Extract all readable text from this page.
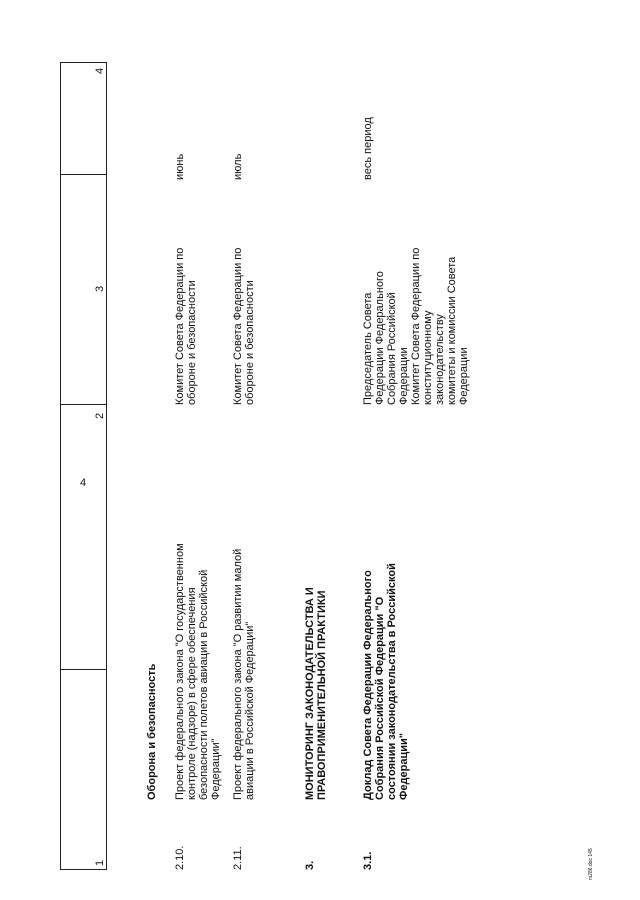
4
1
2
3
4
Оборона и безопасность
2.10.
Проект федерального закона "О государственном контроле (надзоре) в сфере обеспечения безопасности полетов авиации в Российской Федерации"
Комитет Совета Федерации по обороне и безопасности
июнь
2.11.
Проект федерального закона "О развитии малой авиации в Российской Федерации"
Комитет Совета Федерации по обороне и безопасности
июль
3.
МОНИТОРИНГ ЗАКОНОДАТЕЛЬСТВА И ПРАВОПРИМЕНИТЕЛЬНОЙ ПРАКТИКИ
3.1.
Доклад Совета Федерации Федерального Собрания Российской Федерации "О состоянии законодательства в Российской Федерации"
Председатель Совета Федерации Федерального Собрания Российской Федерации
Комитет Совета Федерации по конституционному законодательству
комитеты и комиссии Совета Федерации
весь период
m286.doc 145
